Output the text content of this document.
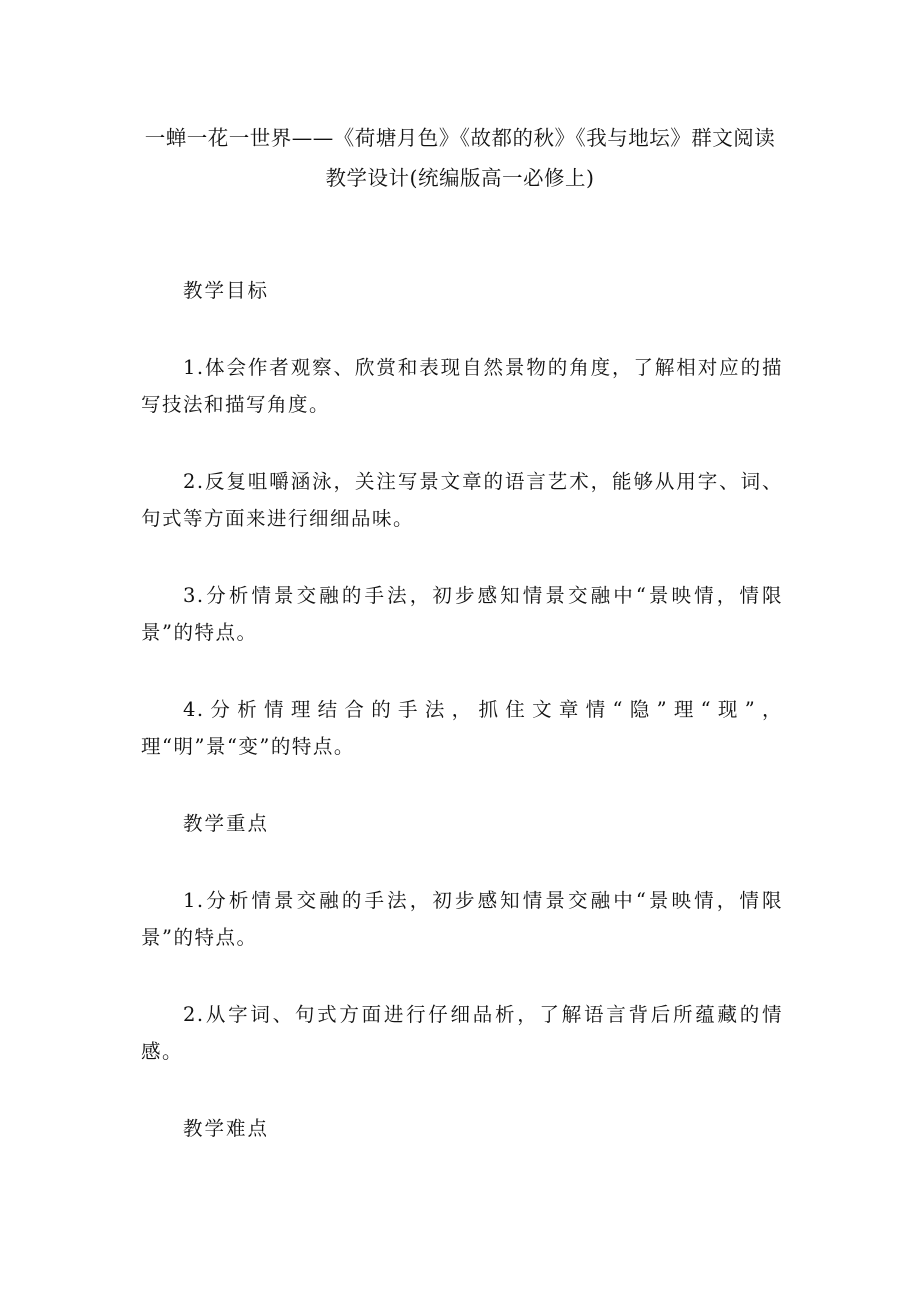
一蝉一花一世界——《荷塘月色》《故都的秋》《我与地坛》群文阅读
教学设计(统编版高一必修上)

教学目标

1.体会作者观察、欣赏和表现自然景物的角度，了解相对应的描写技法和描写角度。

2.反复咀嚼涵泳，关注写景文章的语言艺术，能够从用字、词、句式等方面来进行细细品味。

3.分析情景交融的手法，初步感知情景交融中“景映情，情限景”的特点。

4.分析情理结合的手法，抓住文章情“隐”理“现”，理“明”景“变”的特点。

教学重点

1.分析情景交融的手法，初步感知情景交融中“景映情，情限景”的特点。

2.从字词、句式方面进行仔细品析，了解语言背后所蕴藏的情感。

教学难点
